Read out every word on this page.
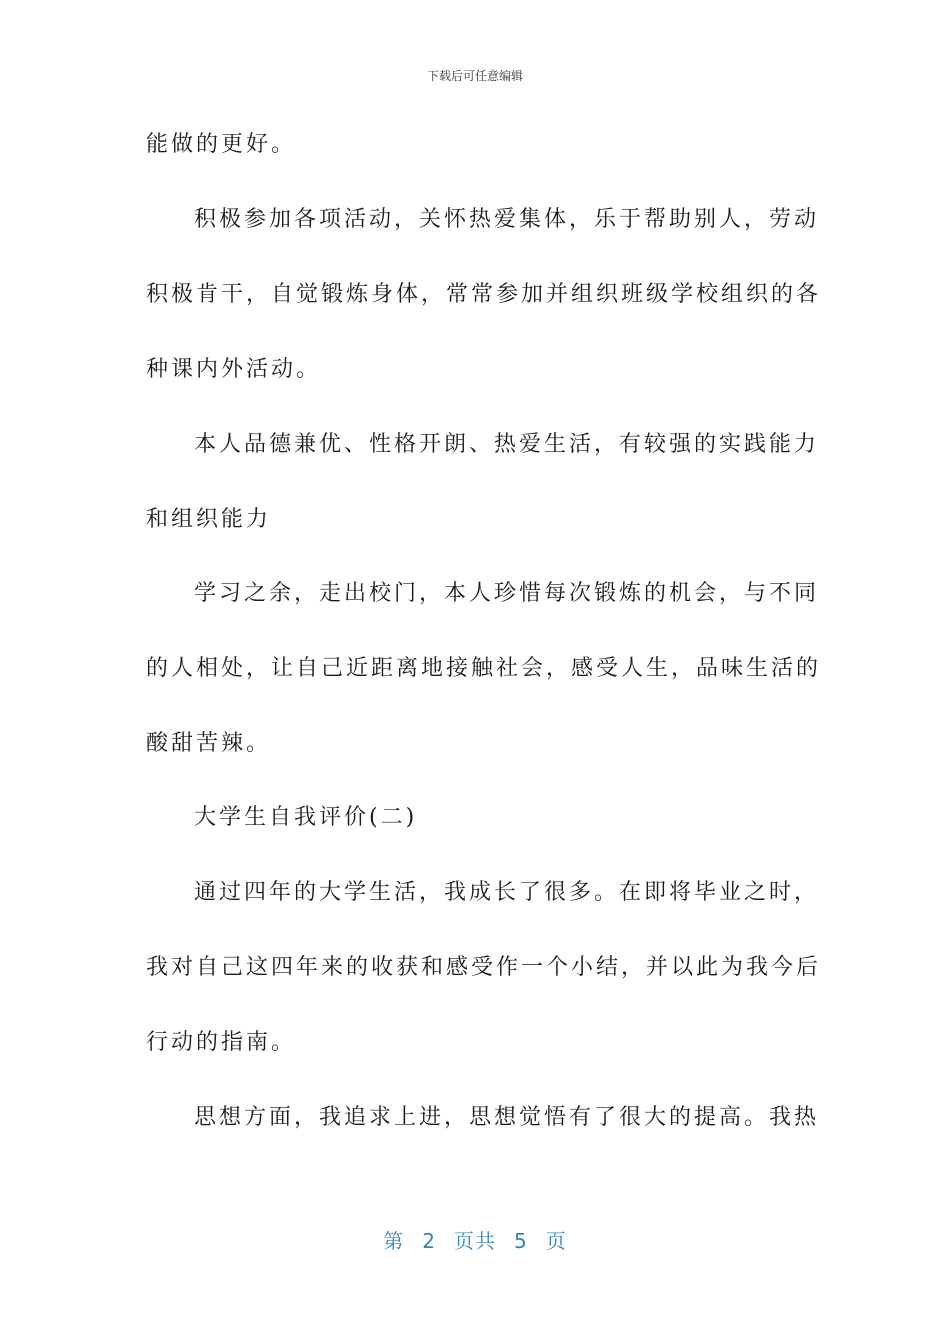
下载后可任意编辑
能做的更好。
积极参加各项活动，关怀热爱集体，乐于帮助别人，劳动
积极肯干，自觉锻炼身体，常常参加并组织班级学校组织的各
种课内外活动。
本人品德兼优、性格开朗、热爱生活，有较强的实践能力
和组织能力
学习之余，走出校门，本人珍惜每次锻炼的机会，与不同
的人相处，让自己近距离地接触社会，感受人生，品味生活的
酸甜苦辣。
大学生自我评价(二)
通过四年的大学生活，我成长了很多。在即将毕业之时，
我对自己这四年来的收获和感受作一个小结，并以此为我今后
行动的指南。
思想方面，我追求上进，思想觉悟有了很大的提高。我热
第 2 页共 5 页
